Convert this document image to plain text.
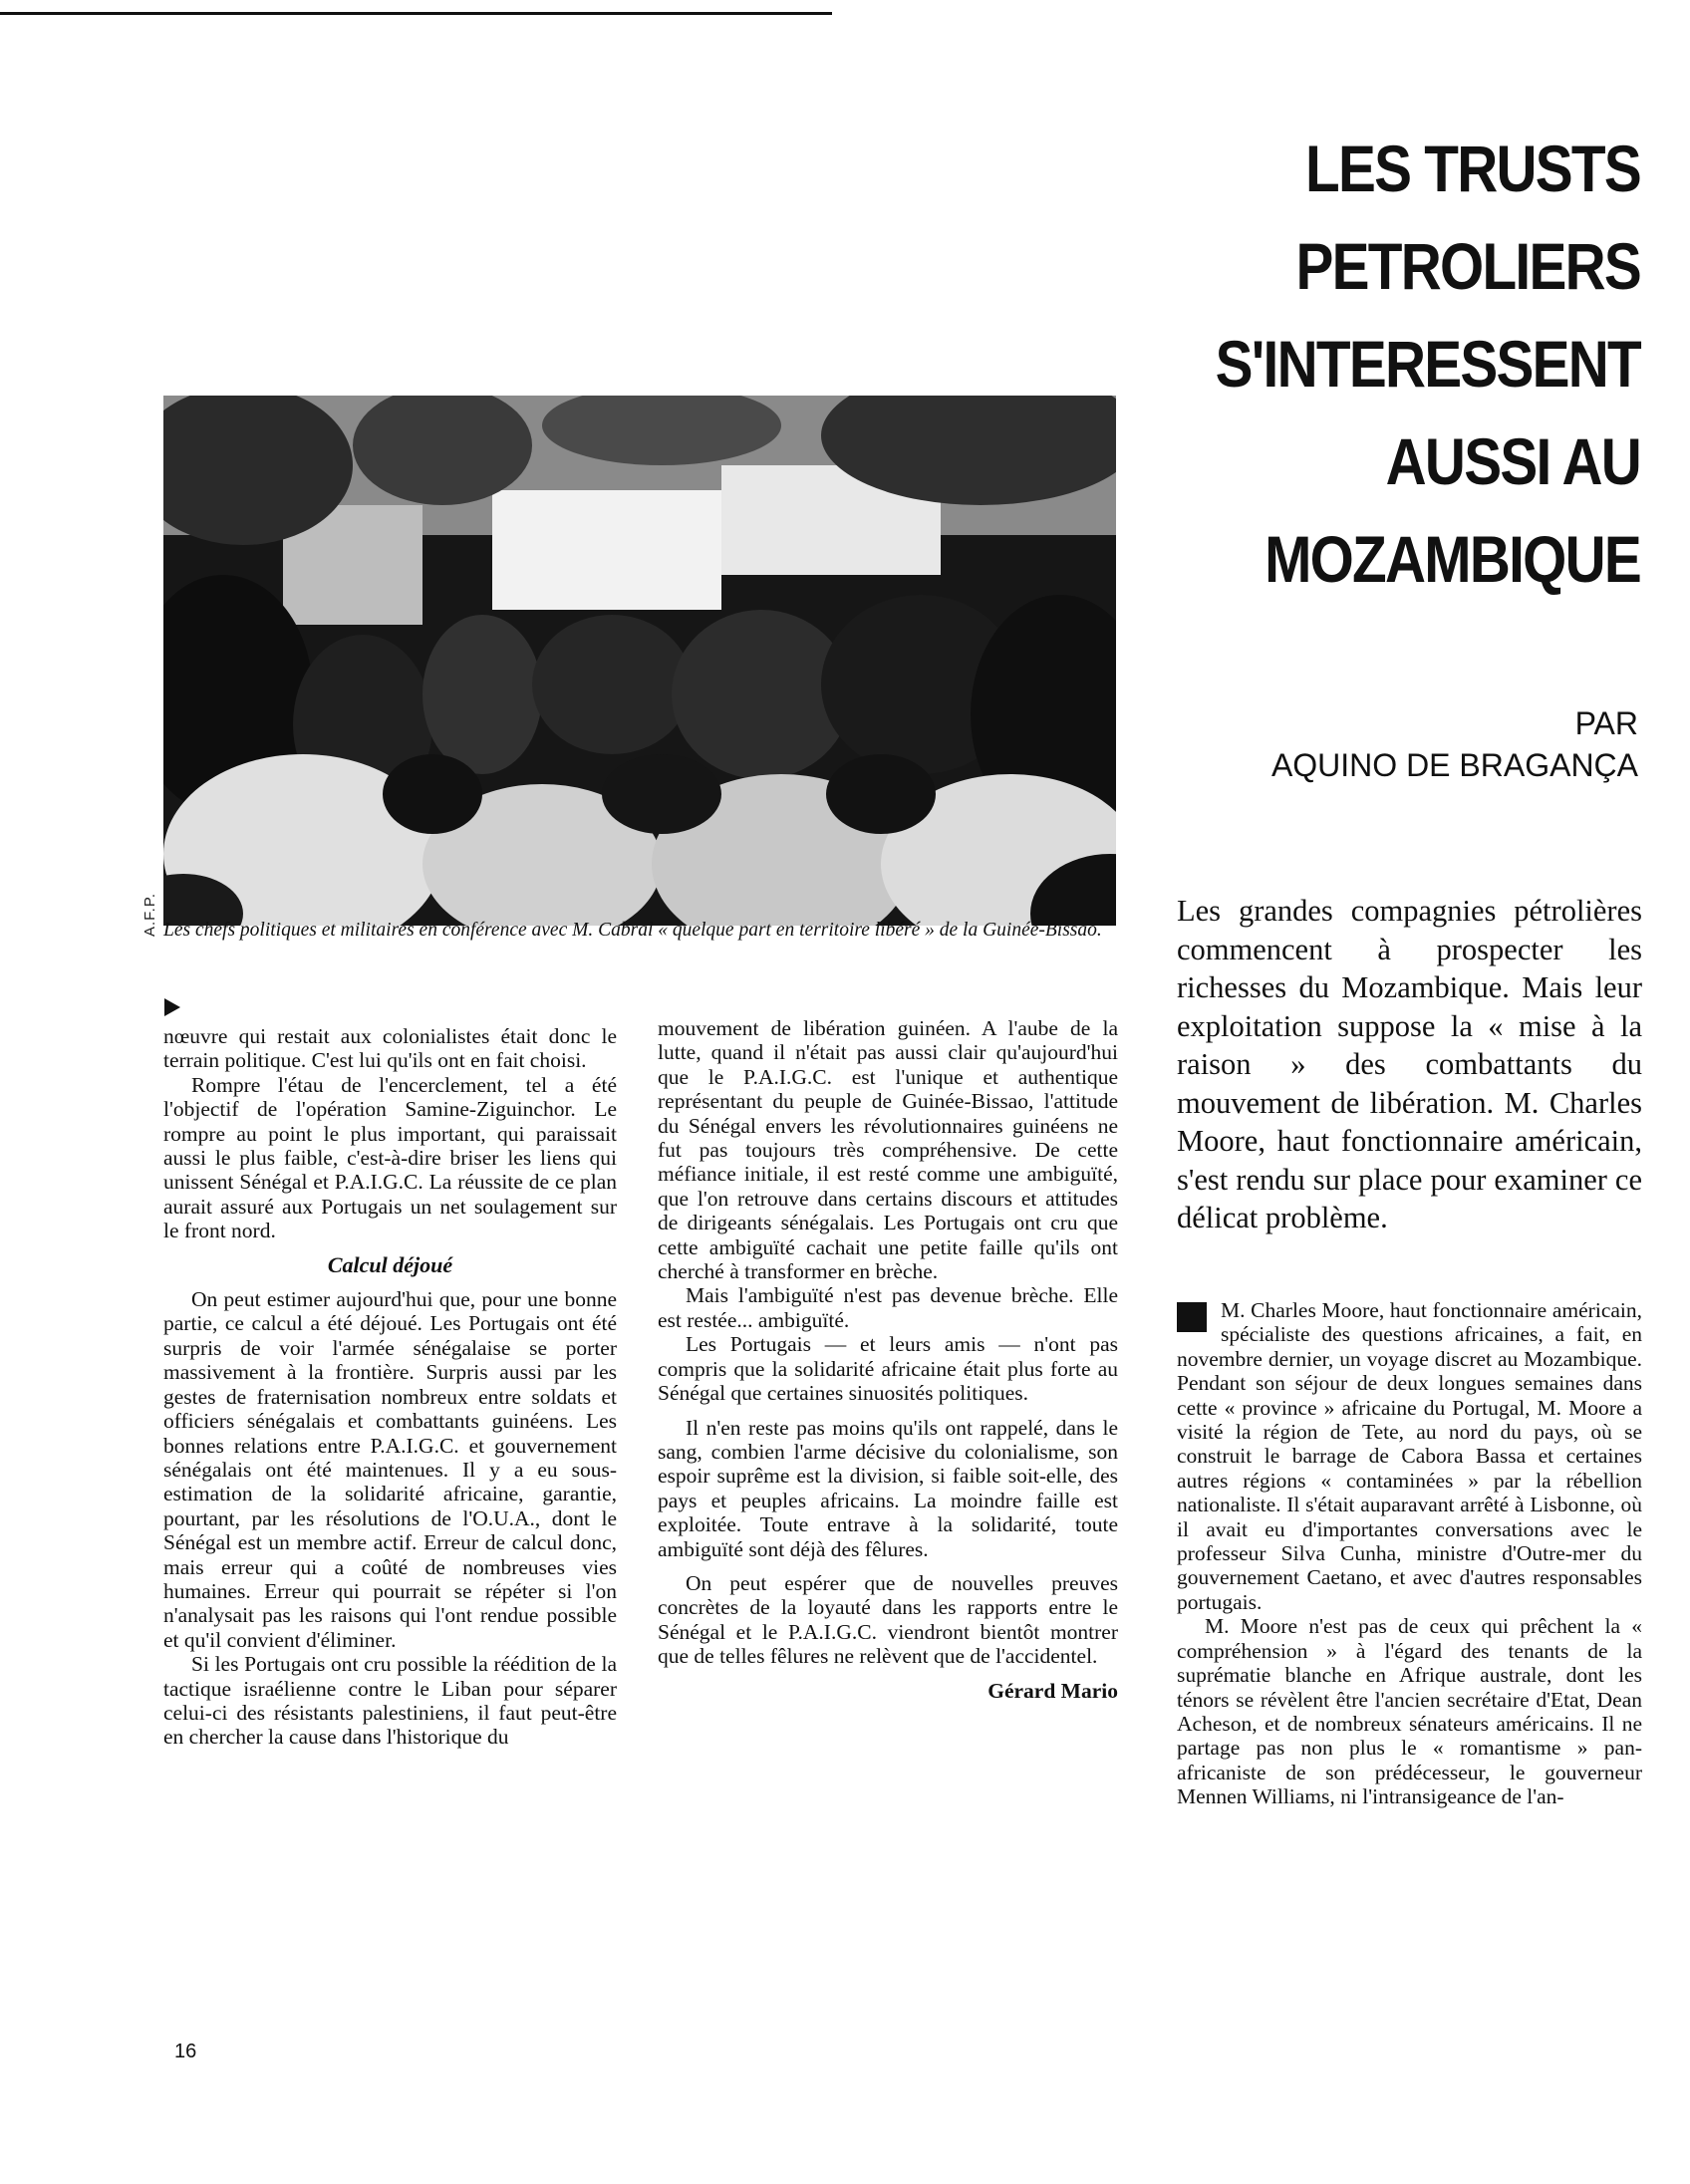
LES TRUSTS
PETROLIERS
S'INTERESSENT
AUSSI AU
MOZAMBIQUE
PAR
AQUINO DE BRAGANÇA
A.F.P. Les chefs politiques et militaires en conférence avec M. Cabral « quelque part en territoire libéré » de la Guinée-Bissao.
Les grandes compagnies pétrolières commencent à prospecter les richesses du Mozambique. Mais leur exploitation suppose la « mise à la raison » des combattants du mouvement de libération. M. Charles Moore, haut fonctionnaire américain, s'est rendu sur place pour examiner ce délicat problème.

nœuvre qui restait aux colonialistes était donc le terrain politique. C'est lui qu'ils ont en fait choisi.

Rompre l'étau de l'encerclement, tel a été l'objectif de l'opération Samine-Ziguinchor. Le rompre au point le plus important, qui paraissait aussi le plus faible, c'est-à-dire briser les liens qui unissent Sénégal et P.A.I.G.C. La réussite de ce plan aurait assuré aux Portugais un net soulagement sur le front nord.

Calcul déjoué

On peut estimer aujourd'hui que, pour une bonne partie, ce calcul a été déjoué. Les Portugais ont été surpris de voir l'armée sénégalaise se porter massivement à la frontière. Surpris aussi par les gestes de fraternisation nombreux entre soldats et officiers sénégalais et combattants guinéens. Les bonnes relations entre P.A.I.G.C. et gouvernement sénégalais ont été maintenues. Il y a eu sous-estimation de la solidarité africaine, garantie, pourtant, par les résolutions de l'O.U.A., dont le Sénégal est un membre actif. Erreur de calcul donc, mais erreur qui a coûté de nombreuses vies humaines. Erreur qui pourrait se répéter si l'on n'analysait pas les raisons qui l'ont rendue possible et qu'il convient d'éliminer.

Si les Portugais ont cru possible la réédition de la tactique israélienne contre le Liban pour séparer celui-ci des résistants palestiniens, il faut peut-être en chercher la cause dans l'historique du

mouvement de libération guinéen. A l'aube de la lutte, quand il n'était pas aussi clair qu'aujourd'hui que le P.A.I.G.C. est l'unique et authentique représentant du peuple de Guinée-Bissao, l'attitude du Sénégal envers les révolutionnaires guinéens ne fut pas toujours très compréhensive. De cette méfiance initiale, il est resté comme une ambiguïté, que l'on retrouve dans certains discours et attitudes de dirigeants sénégalais. Les Portugais ont cru que cette ambiguïté cachait une petite faille qu'ils ont cherché à transformer en brèche.

Mais l'ambiguïté n'est pas devenue brèche. Elle est restée... ambiguïté.

Les Portugais — et leurs amis — n'ont pas compris que la solidarité africaine était plus forte au Sénégal que certaines sinuosités politiques.

Il n'en reste pas moins qu'ils ont rappelé, dans le sang, combien l'arme décisive du colonialisme, son espoir suprême est la division, si faible soit-elle, des pays et peuples africains. La moindre faille est exploitée. Toute entrave à la solidarité, toute ambiguïté sont déjà des fêlures.

On peut espérer que de nouvelles preuves concrètes de la loyauté dans les rapports entre le Sénégal et le P.A.I.G.C. viendront bientôt montrer que de telles fêlures ne relèvent que de l'accidentel.

Gérard Mario

M. Charles Moore, haut fonctionnaire américain, spécialiste des questions africaines, a fait, en novembre dernier, un voyage discret au Mozambique. Pendant son séjour de deux longues semaines dans cette « province » africaine du Portugal, M. Moore a visité la région de Tete, au nord du pays, où se construit le barrage de Cabora Bassa et certaines autres régions « contaminées » par la rébellion nationaliste. Il s'était auparavant arrêté à Lisbonne, où il avait eu d'importantes conversations avec le professeur Silva Cunha, ministre d'Outre-mer du gouvernement Caetano, et avec d'autres responsables portugais.

M. Moore n'est pas de ceux qui prêchent la « compréhension » à l'égard des tenants de la suprématie blanche en Afrique australe, dont les ténors se révèlent être l'ancien secrétaire d'Etat, Dean Acheson, et de nombreux sénateurs américains. Il ne partage pas non plus le « romantisme » pan-africaniste de son prédécesseur, le gouverneur Mennen Williams, ni l'intransigeance de l'an-

16
